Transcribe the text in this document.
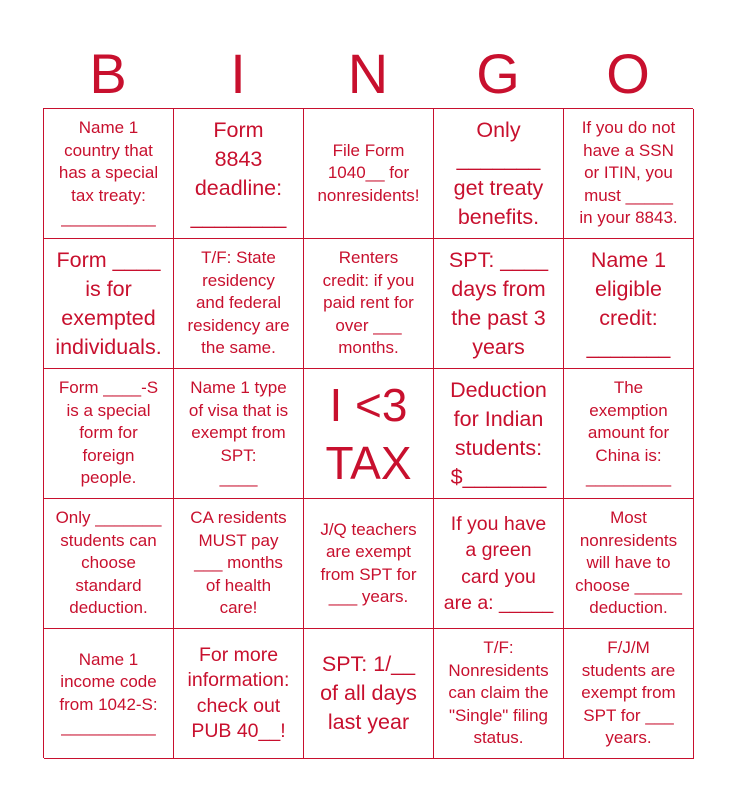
B	I	N	G	O
Name 1
country that
has a special
tax treaty:
__________
Form
8843
deadline:
________
File Form
1040__ for
nonresidents!
Only
_______
get treaty
benefits.
If you do not
have a SSN
or ITIN, you
must _____
in your 8843.
Form ____
is for
exempted
individuals.
T/F: State
residency
and federal
residency are
the same.
Renters
credit: if you
paid rent for
over ___
months.
SPT: ____
days from
the past 3
years
Name 1
eligible
credit:
_______
Form ____-S
is a special
form for
foreign
people.
Name 1 type
of visa that is
exempt from
SPT:
____
I <3
TAX
Deduction
for Indian
students:
$_______
The
exemption
amount for
China is:
_________
Only _______
students can
choose
standard
deduction.
CA residents
MUST pay
___ months
of health
care!
J/Q teachers
are exempt
from SPT for
___ years.
If you have
a green
card you
are a: _____
Most
nonresidents
will have to
choose _____
deduction.
Name 1
income code
from 1042-S:
__________
For more
information:
check out
PUB 40__!
SPT: 1/__
of all days
last year
T/F:
Nonresidents
can claim the
"Single" filing
status.
F/J/M
students are
exempt from
SPT for ___
years.
